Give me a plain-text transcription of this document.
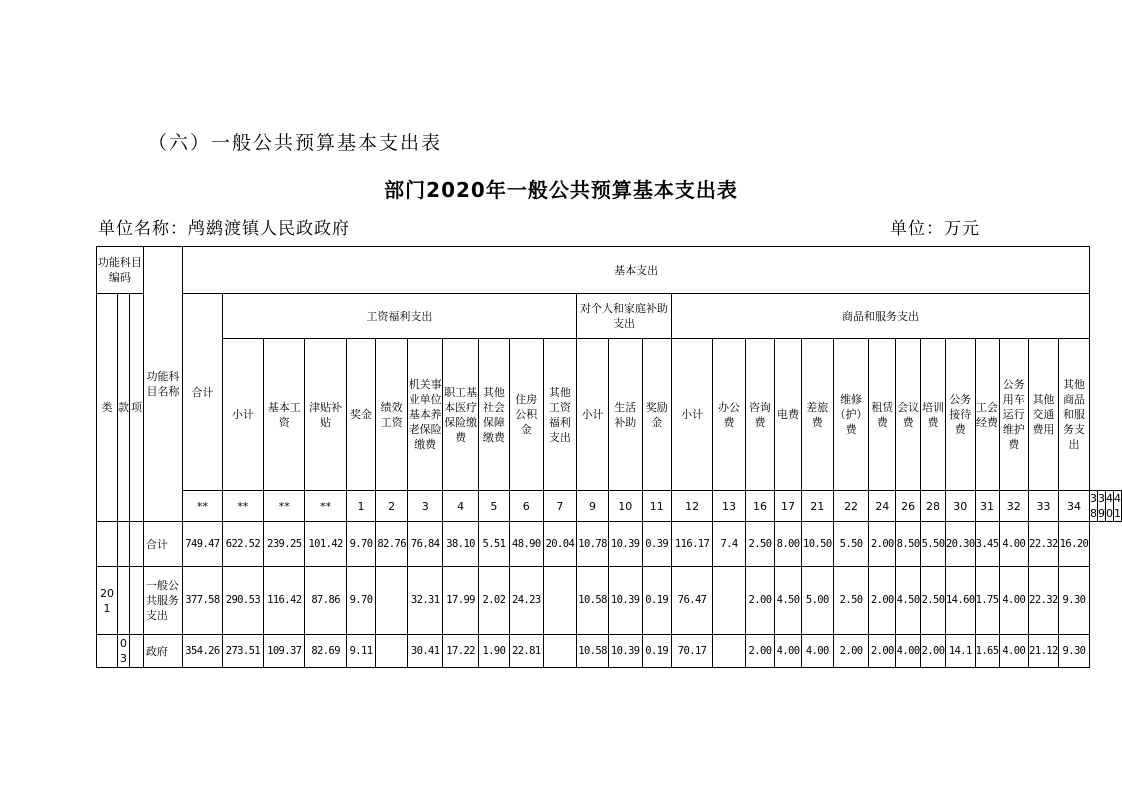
（六）一般公共预算基本支出表
部门2020年一般公共预算基本支出表
单位名称：鸬鹚渡镇人民政政府	单位：万元
功能科目编码			功能科目名称	基本支出																															
类	款	项		合计	工资福利支出										对个人和家庭补助支出			商品和服务支出																	
					小计	基本工资	津贴补贴	奖金	绩效工资	机关事业单位基本养老保险缴费	职工基本医疗保险缴费	其他社会保障缴费	住房公积金	其他工资福利支出	小计	生活补助	奖励金	小计	办公费	咨询费	电费	差旅费	维修（护）费	租赁费	会议费	培训费	公务接待费	工会经费	公务用车运行维护费	其他交通费用	其他商品和服务支出				
				**	**	**	**	1	2	3	4	5	6	7	9	10	11	12	13	16	17	21	22	24	26	28	30	31	32	33	34	38	39	40	41
			合计	749.47	622.52	239.25	101.42	9.70	82.76	76.84	38.10	5.51	48.90	20.04	10.78	10.39	0.39	116.17	7.4	2.50	8.00	10.50	5.50	2.00	8.50	5.50	20.30	3.45	4.00	22.32	16.20				
201			一般公共服务支出	377.58	290.53	116.42	87.86	9.70		32.31	17.99	2.02	24.23		10.58	10.39	0.19	76.47		2.00	4.50	5.00	2.50	2.00	4.50	2.50	14.60	1.75	4.00	22.32	9.30				
	03		政府	354.26	273.51	109.37	82.69	9.11		30.41	17.22	1.90	22.81		10.58	10.39	0.19	70.17		2.00	4.00	4.00	2.00	2.00	4.00	2.00	14.1	1.65	4.00	21.12	9.30				
